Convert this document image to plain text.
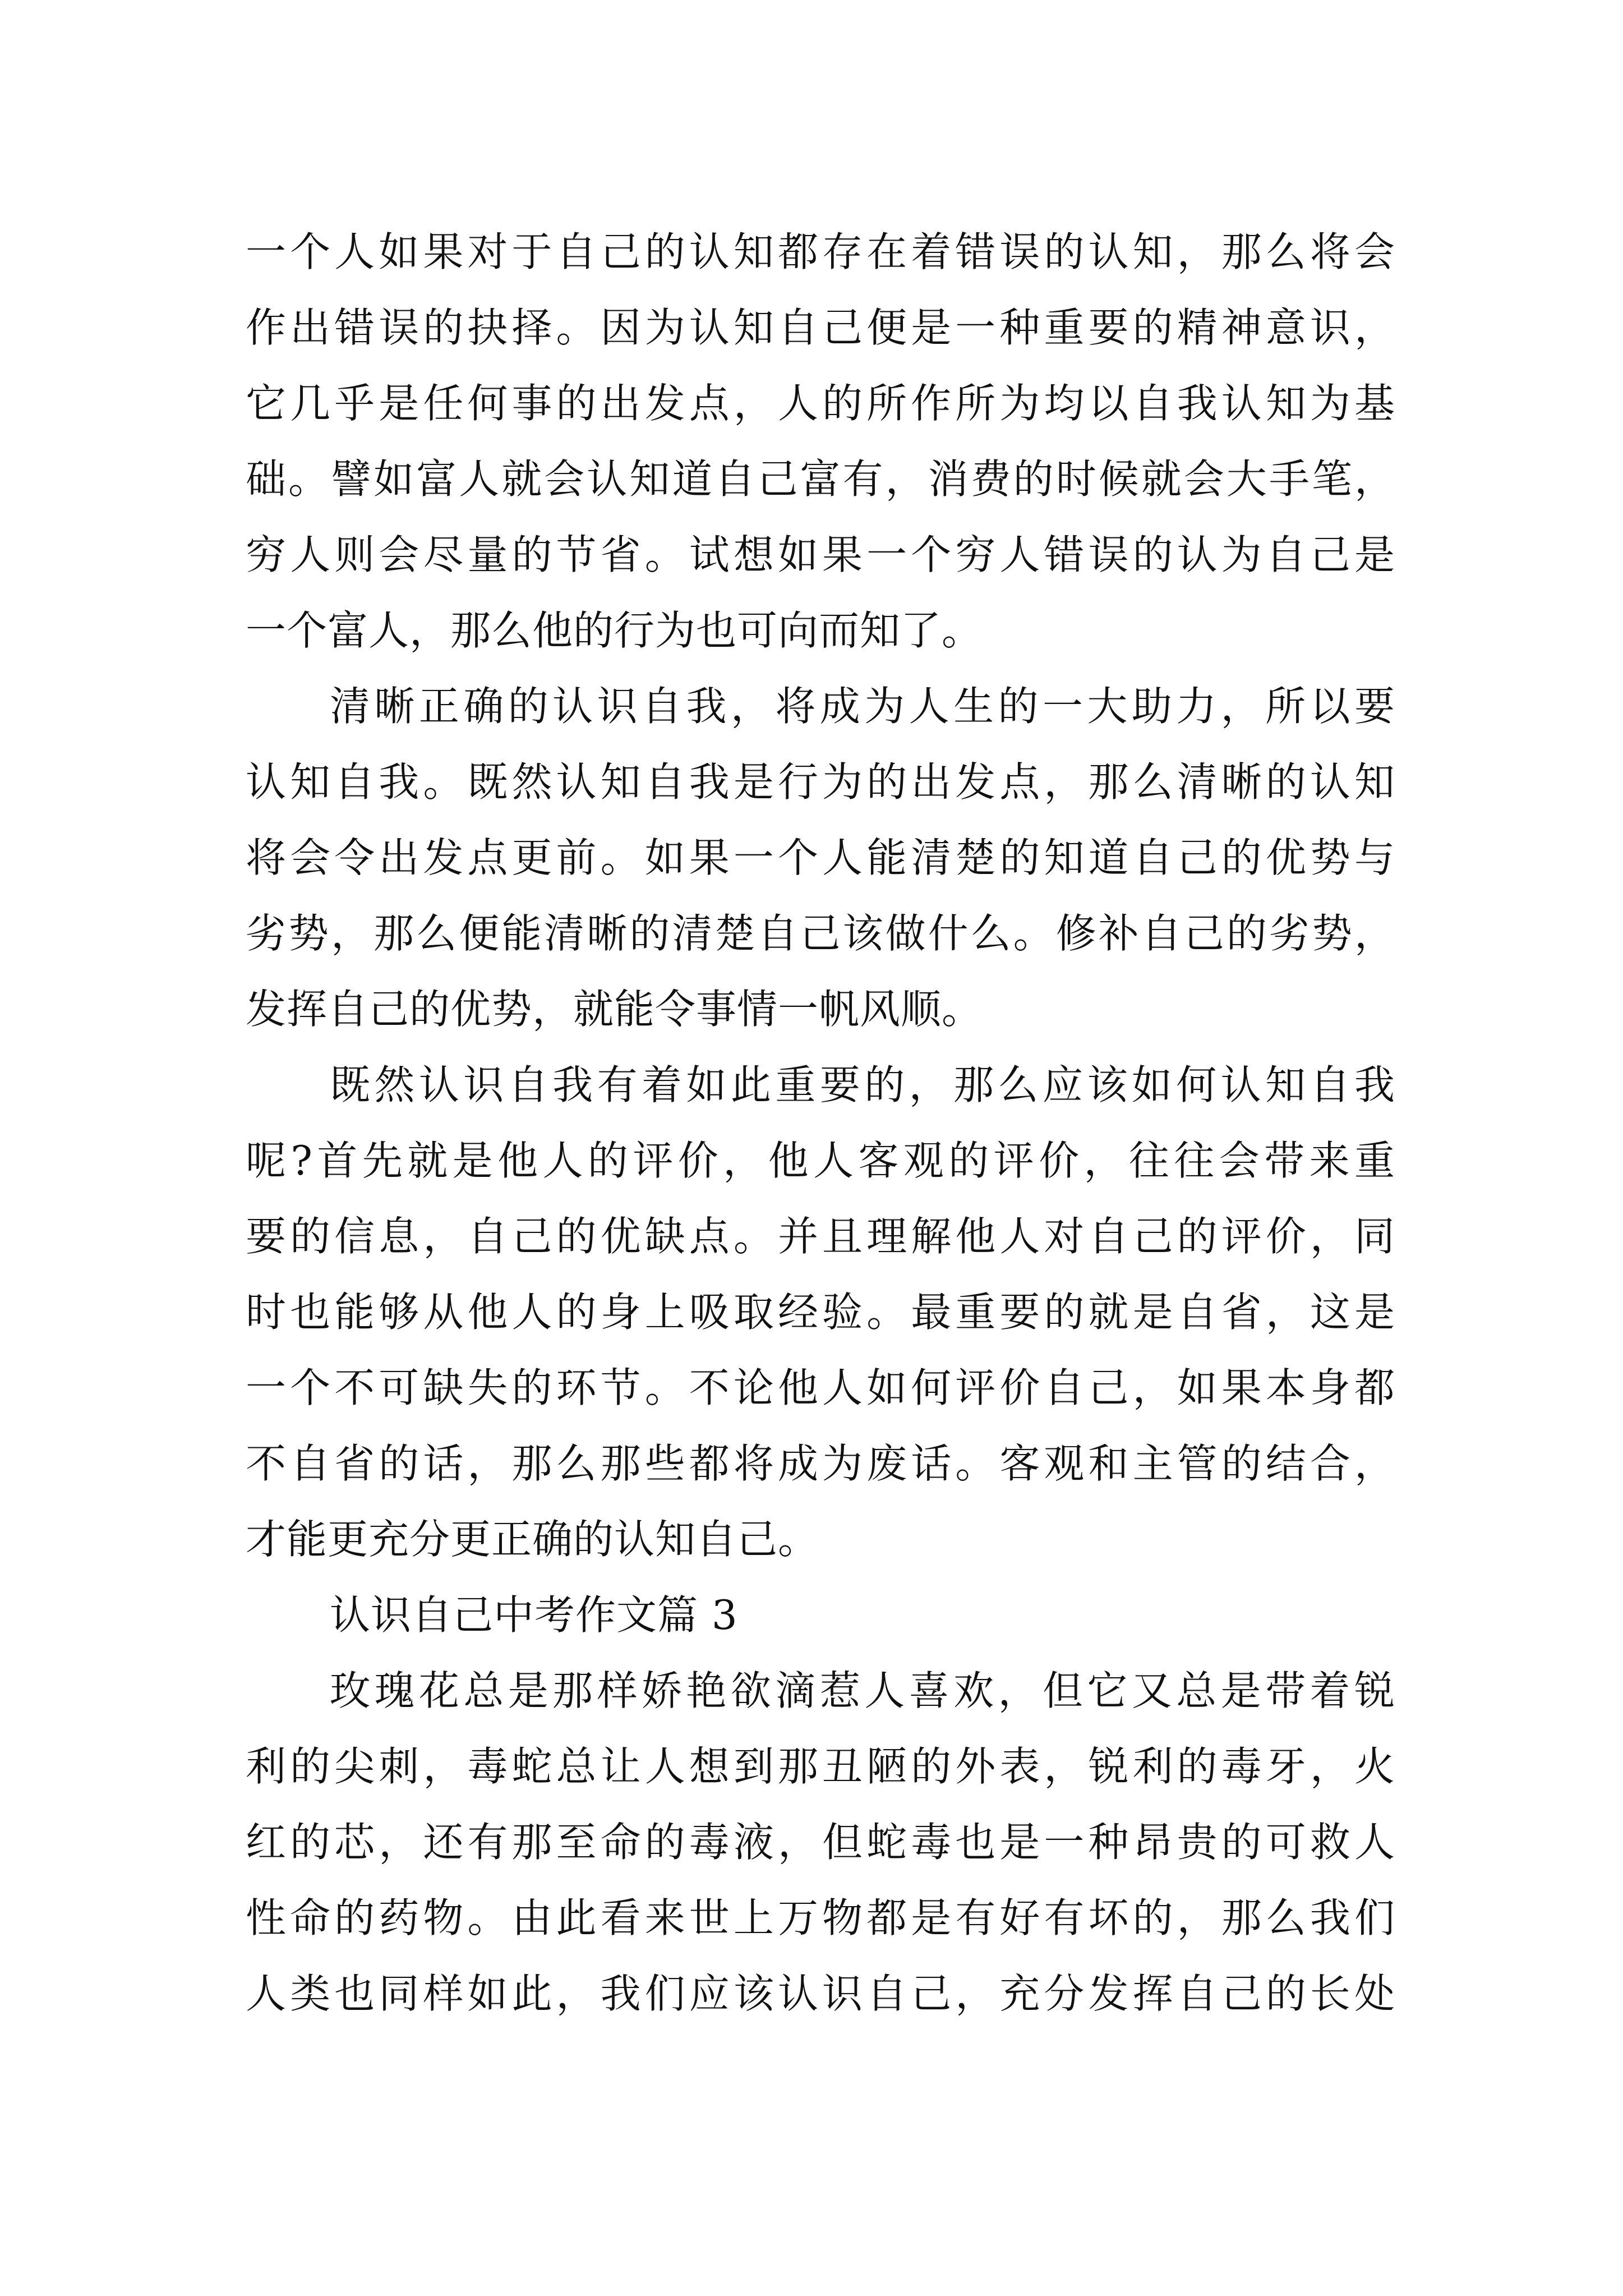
一个人如果对于自己的认知都存在着错误的认知，那么将会
作出错误的抉择。因为认知自己便是一种重要的精神意识，
它几乎是任何事的出发点，人的所作所为均以自我认知为基
础。譬如富人就会认知道自己富有，消费的时候就会大手笔，
穷人则会尽量的节省。试想如果一个穷人错误的认为自己是
一个富人，那么他的行为也可向而知了。
清晰正确的认识自我，将成为人生的一大助力，所以要
认知自我。既然认知自我是行为的出发点，那么清晰的认知
将会令出发点更前。如果一个人能清楚的知道自己的优势与
劣势，那么便能清晰的清楚自己该做什么。修补自己的劣势，
发挥自己的优势，就能令事情一帆风顺。
既然认识自我有着如此重要的，那么应该如何认知自我
呢?首先就是他人的评价，他人客观的评价，往往会带来重
要的信息，自己的优缺点。并且理解他人对自己的评价，同
时也能够从他人的身上吸取经验。最重要的就是自省，这是
一个不可缺失的环节。不论他人如何评价自己，如果本身都
不自省的话，那么那些都将成为废话。客观和主管的结合，
才能更充分更正确的认知自己。
认识自己中考作文篇 3
玫瑰花总是那样娇艳欲滴惹人喜欢，但它又总是带着锐
利的尖刺，毒蛇总让人想到那丑陋的外表，锐利的毒牙，火
红的芯，还有那至命的毒液，但蛇毒也是一种昂贵的可救人
性命的药物。由此看来世上万物都是有好有坏的，那么我们
人类也同样如此，我们应该认识自己，充分发挥自己的长处
